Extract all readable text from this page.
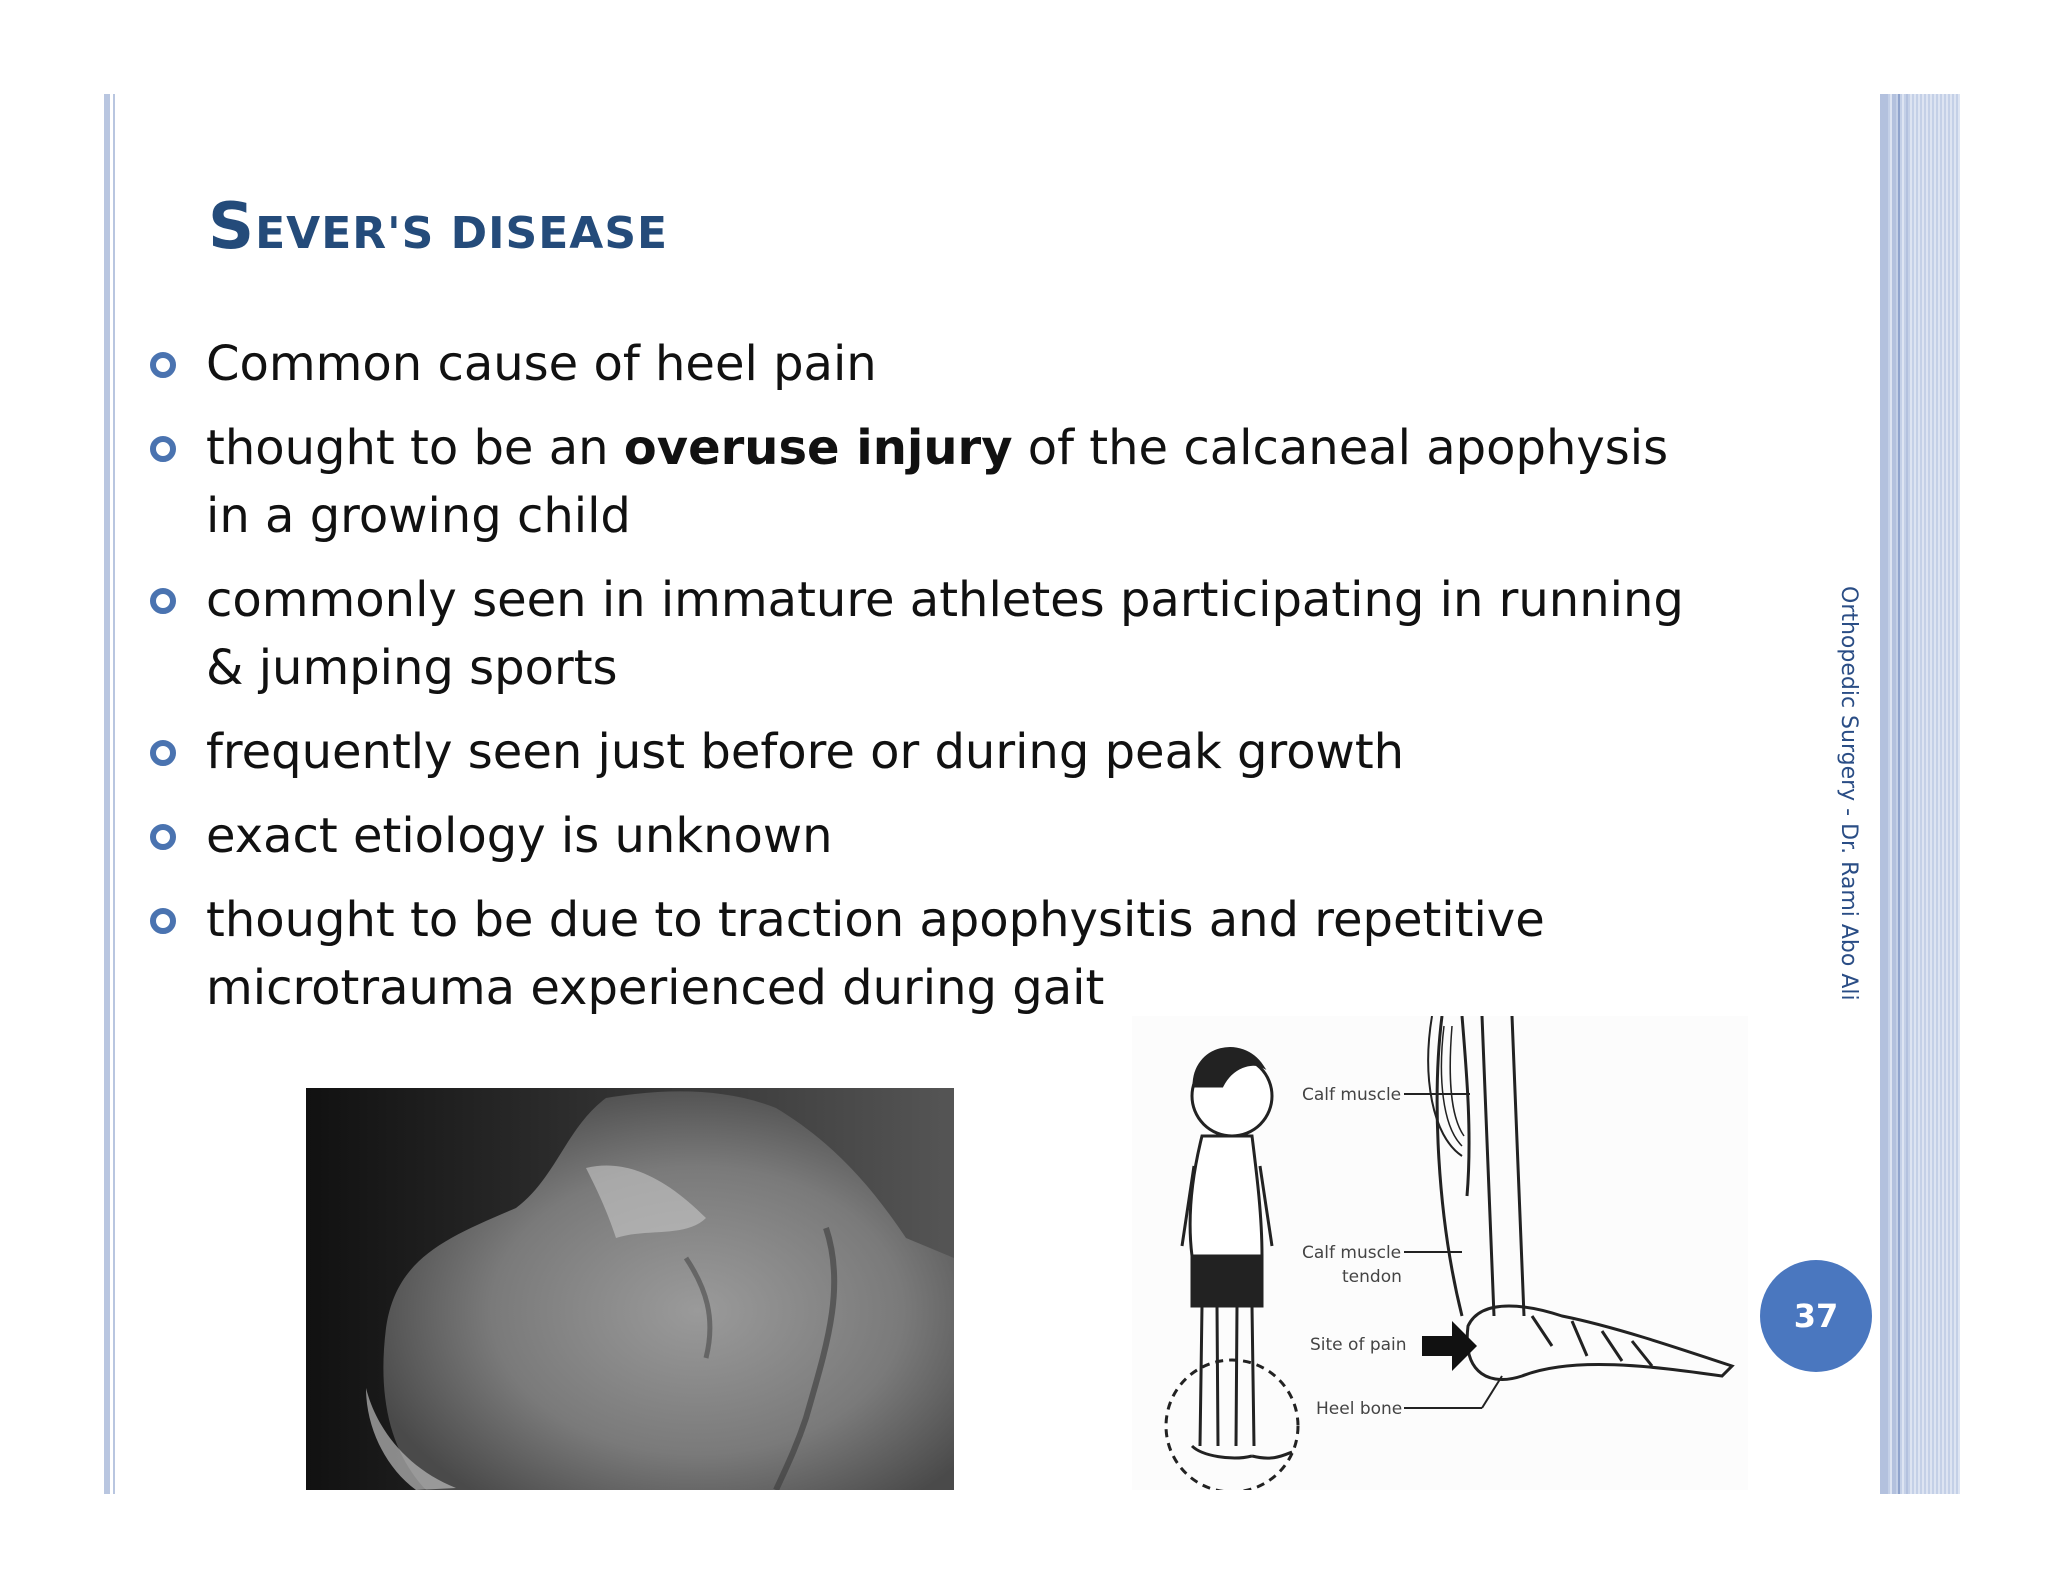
SEVER'S DISEASE
Common cause of heel pain
thought to be an overuse injury of the calcaneal apophysis in a growing child
commonly seen in immature athletes participating in running & jumping sports
frequently seen just before or during peak growth
exact etiology is unknown
thought to be due to traction apophysitis and repetitive microtrauma experienced during gait	Orthopedic Surgery - Dr. Rami Abo Ali
37
Calf muscle
Calf muscle
tendon
Site of pain
Heel bone
